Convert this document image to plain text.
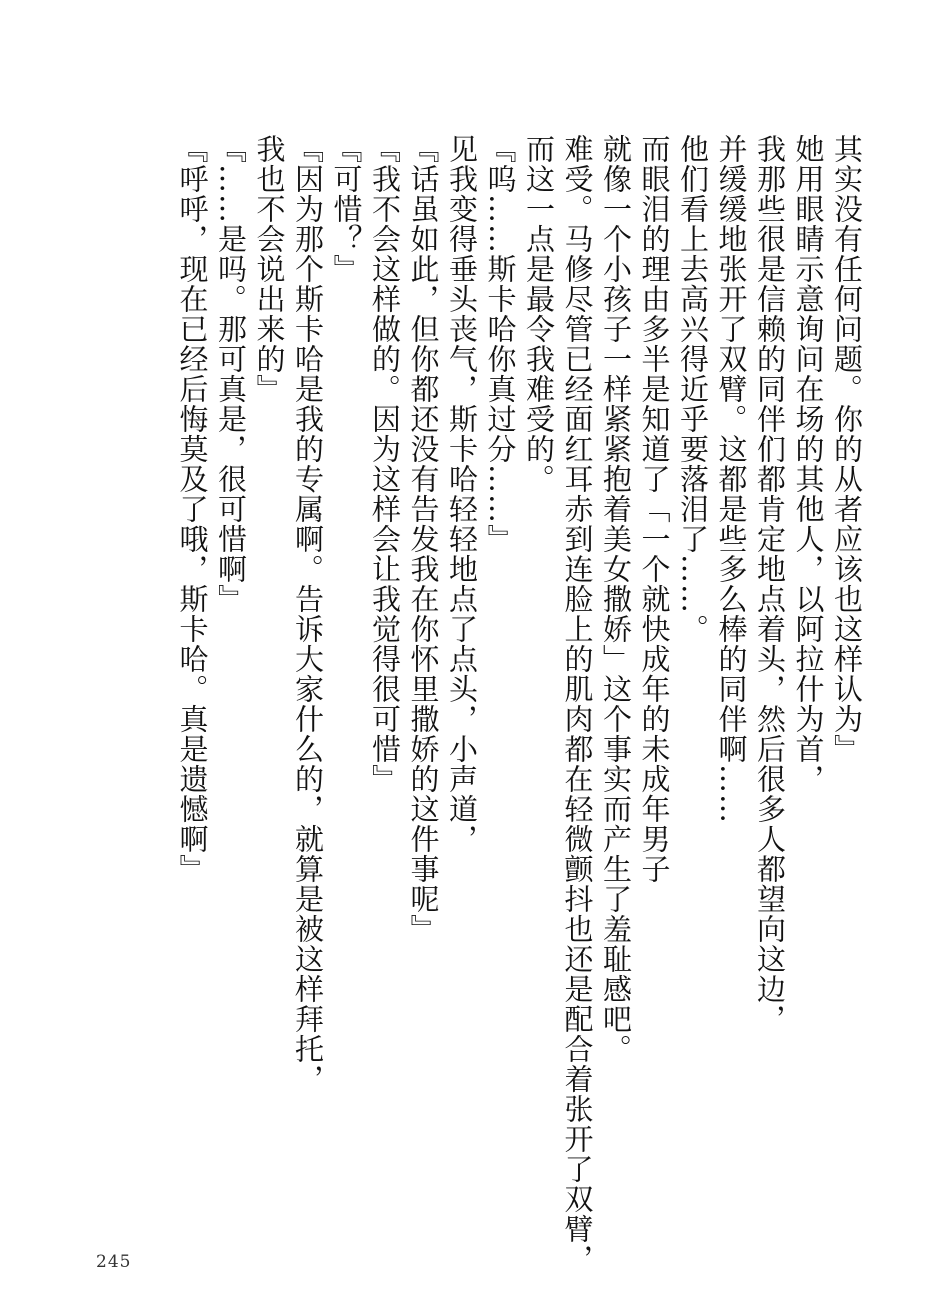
其实没有任何问题。你的从者应该也这样认为』

她用眼睛示意询问在场的其他人，以阿拉什为首，

我那些很是信赖的同伴们都肯定地点着头，然后很多人都望向这边，

并缓缓地张开了双臂。这都是些多么棒的同伴啊……

他们看上去高兴得近乎要落泪了……。

而眼泪的理由多半是知道了「一个就快成年的未成年男子

就像一个小孩子一样紧紧抱着美女撒娇」这个事实而产生了羞耻感吧。

难受。马修尽管已经面红耳赤到连脸上的肌肉都在轻微颤抖也还是配合着张开了双臂，

而这一点是最令我难受的。

『呜……斯卡哈你真过分……』

见我变得垂头丧气，斯卡哈轻轻地点了点头，小声道，

『话虽如此，但你都还没有告发我在你怀里撒娇的这件事呢』

『我不会这样做的。因为这样会让我觉得很可惜』

『可惜？』

『因为那个斯卡哈是我的专属啊。告诉大家什么的，就算是被这样拜托，

我也不会说出来的』

『……是吗。那可真是，很可惜啊』

『呼呼，现在已经后悔莫及了哦，斯卡哈。真是遗憾啊』

245
